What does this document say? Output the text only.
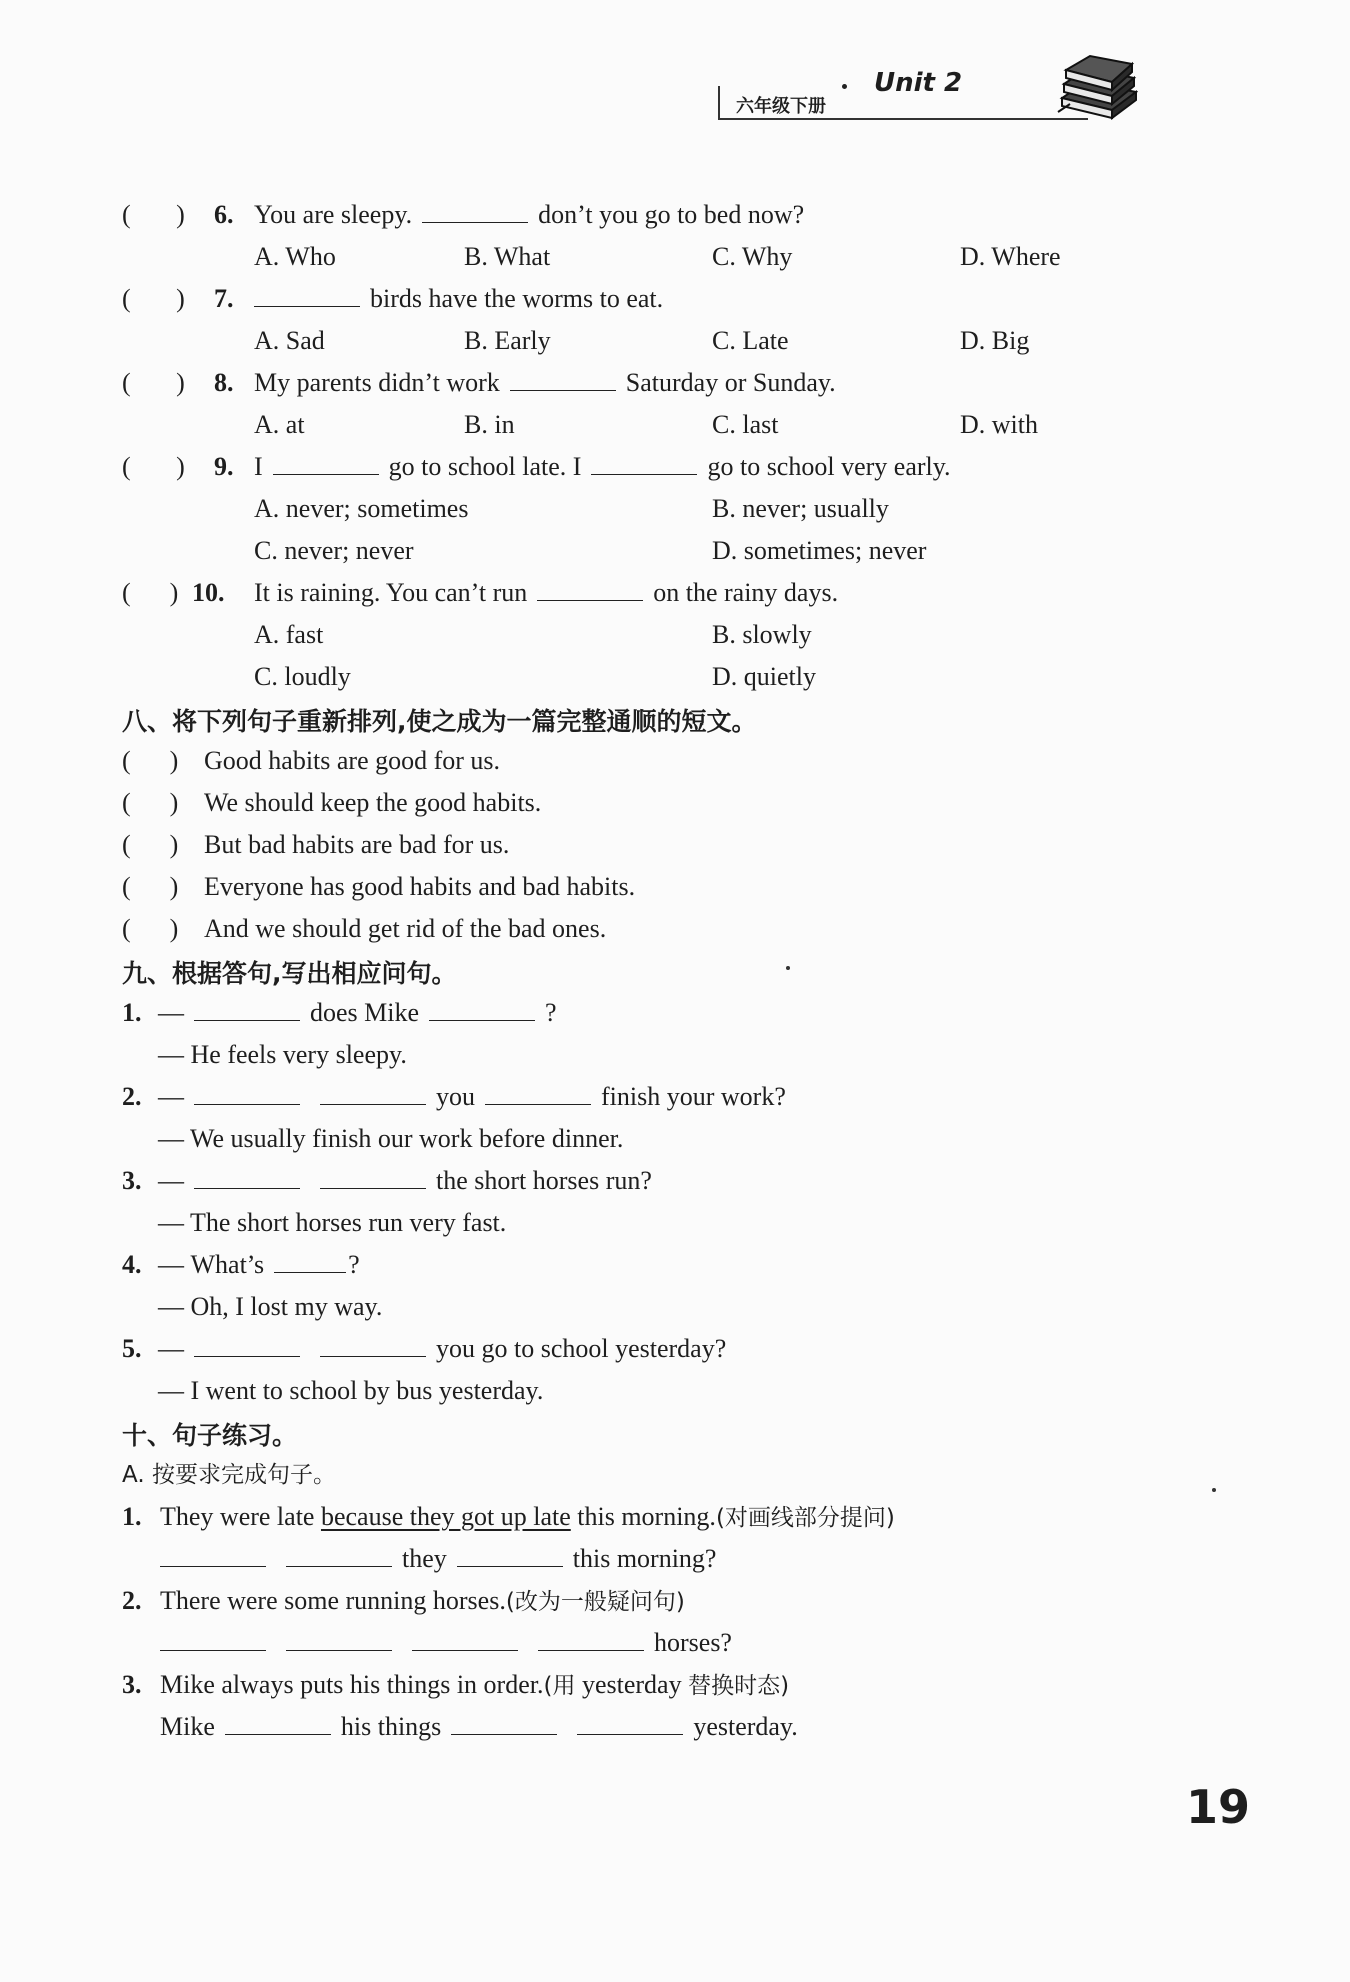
六年级下册
Unit 2
(       ) 6. You are sleepy.	don’t you go to bed now?
A. Who	B. What	C. Why	D. Where
(       ) 7.	birds have the worms to eat.
A. Sad	B. Early	C. Late	D. Big
(       ) 8. My parents didn’t work	Saturday or Sunday.
A. at	B. in	C. last	D. with
(       ) 9. I	go to school late. I	go to school very early.
A. never; sometimes	B. never; usually
C. never; never	D. sometimes; never
(      ) 10. It is raining. You can’t run	on the rainy days.
A. fast	B. slowly
C. loudly	D. quietly
八、将下列句子重新排列,使之成为一篇完整通顺的短文。
(      ) Good habits are good for us.
(      ) We should keep the good habits.
(      ) But bad habits are bad for us.
(      ) Everyone has good habits and bad habits.
(      ) And we should get rid of the bad ones.
九、根据答句,写出相应问句。
1. —	does Mike	?
— He feels very sleepy.
2. —	you	finish your work?
— We usually finish our work before dinner.
3. —	the short horses run?
— The short horses run very fast.
4. — What’s	?
— Oh, I lost my way.
5. —	you go to school yesterday?
— I went to school by bus yesterday.
十、句子练习。
A. 按要求完成句子。
1. They were late because they got up late this morning.(对画线部分提问)
they	this morning?
2. There were some running horses.(改为一般疑问句)
horses?
3. Mike always puts his things in order.(用 yesterday 替换时态)
Mike	his things	yesterday.
19
